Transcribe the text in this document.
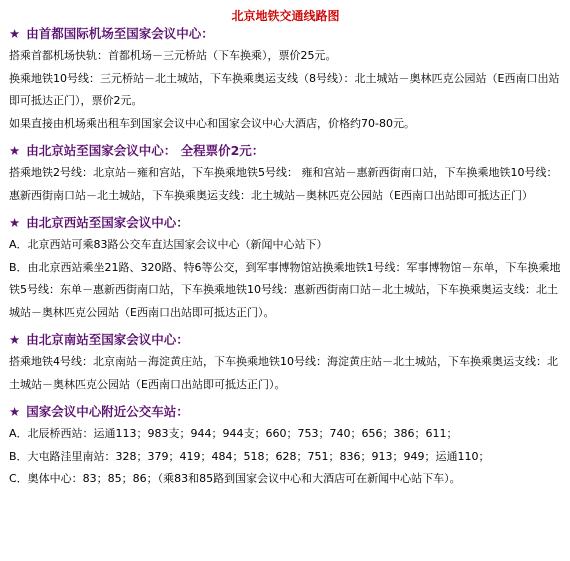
北京地铁交通线路图
★ 由首都国际机场至国家会议中心：

搭乘首都机场快轨：首都机场－三元桥站（下车换乘），票价25元。

换乘地铁10号线：三元桥站－北土城站，下车换乘奥运支线（8号线）：北土城站－奥林匹克公园站（E西南口出站即可抵达正门），票价2元。

如果直接由机场乘出租车到国家会议中心和国家会议中心大酒店，价格约70-80元。

★ 由北京站至国家会议中心： 全程票价2元：

搭乘地铁2号线：北京站－雍和宫站，下车换乘地铁5号线： 雍和宫站－惠新西街南口站，下车换乘地铁10号线：惠新西街南口站－北土城站，下车换乘奥运支线：北土城站－奥林匹克公园站（E西南口出站即可抵达正门）

★ 由北京西站至国家会议中心：

A．北京西站可乘83路公交车直达国家会议中心（新闻中心站下）

B．由北京西站乘坐21路、320路、特6等公交，到军事博物馆站换乘地铁1号线：军事博物馆－东单，下车换乘地铁5号线：东单－惠新西街南口站，下车换乘地铁10号线：惠新西街南口站－北土城站，下车换乘奥运支线：北土城站－奥林匹克公园站（E西南口出站即可抵达正门）。

★ 由北京南站至国家会议中心：

搭乘地铁4号线：北京南站－海淀黄庄站，下车换乘地铁10号线：海淀黄庄站－北土城站，下车换乘奥运支线：北土城站－奥林匹克公园站（E西南口出站即可抵达正门）。

★ 国家会议中心附近公交车站：

A．北辰桥西站：运通113；983支；944；944支；660；753；740；656；386；611；

B．大屯路洼里南站：328；379；419；484；518；628；751；836；913；949；运通110；

C．奥体中心：83；85；86；（乘83和85路到国家会议中心和大酒店可在新闻中心站下车）。
